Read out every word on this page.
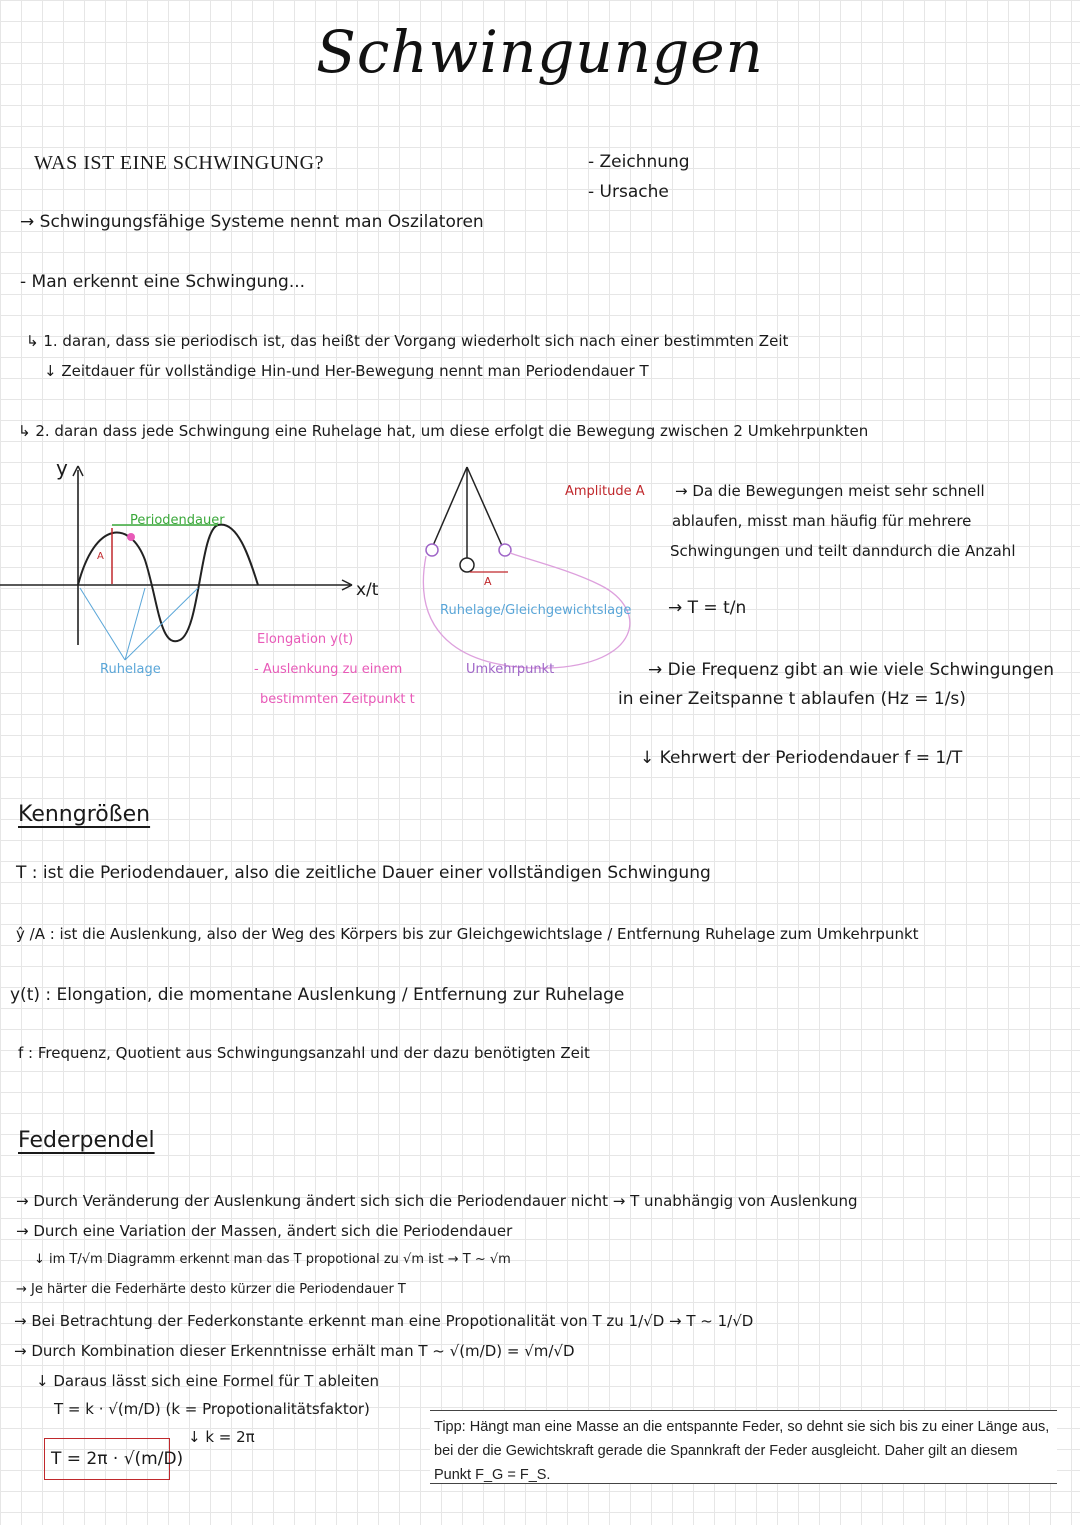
Schwingungen
WAS IST EINE SCHWINGUNG?	- Zeichnung
- Ursache
→ Schwingungsfähige Systeme nennt man Oszilatoren
- Man erkennt eine Schwingung...
↳ 1. daran, dass sie periodisch ist, das heißt der Vorgang wiederholt sich nach einer bestimmten Zeit
↓ Zeitdauer für vollständige Hin-und Her-Bewegung nennt man Periodendauer T
↳ 2. daran dass jede Schwingung eine Ruhelage hat, um diese erfolgt die Bewegung zwischen 2 Umkehrpunkten
y
x/t
Periodendauer
A
Ruhelage
Elongation y(t)
- Auslenkung zu einem
bestimmten Zeitpunkt t
Amplitude A
A
Ruhelage/Gleichgewichtslage
Umkehrpunkt
→ Da die Bewegungen meist sehr schnell
ablaufen, misst man häufig für mehrere
Schwingungen und teilt danndurch die Anzahl
→ T = t/n
→ Die Frequenz gibt an wie viele Schwingungen
in einer Zeitspanne t ablaufen (Hz = 1/s)
↓ Kehrwert der Periodendauer f = 1/T
Kenngrößen
T : ist die Periodendauer, also die zeitliche Dauer einer vollständigen Schwingung
ŷ /A : ist die Auslenkung, also der Weg des Körpers bis zur Gleichgewichtslage / Entfernung Ruhelage zum Umkehrpunkt
y(t) : Elongation, die momentane Auslenkung / Entfernung zur Ruhelage
f : Frequenz, Quotient aus Schwingungsanzahl und der dazu benötigten Zeit
Federpendel
→ Durch Veränderung der Auslenkung ändert sich sich die Periodendauer nicht → T unabhängig von Auslenkung
→ Durch eine Variation der Massen, ändert sich die Periodendauer
↓ im T/√m Diagramm erkennt man das T propotional zu √m ist → T ~ √m
→ Je härter die Federhärte desto kürzer die Periodendauer T
→ Bei Betrachtung der Federkonstante erkennt man eine Propotionalität von T zu 1/√D → T ~ 1/√D
→ Durch Kombination dieser Erkenntnisse erhält man T ~ √(m/D) = √m/√D
↓ Daraus lässt sich eine Formel für T ableiten
T = k · √(m/D) (k = Propotionalitätsfaktor)
↓ k = 2π
T = 2π · √(m/D)
Tipp: Hängt man eine Masse an die entspannte Feder, so dehnt sie sich bis zu einer Länge aus, bei der die Gewichtskraft gerade die Spannkraft der Feder ausgleicht. Daher gilt an diesem Punkt F_G = F_S.
